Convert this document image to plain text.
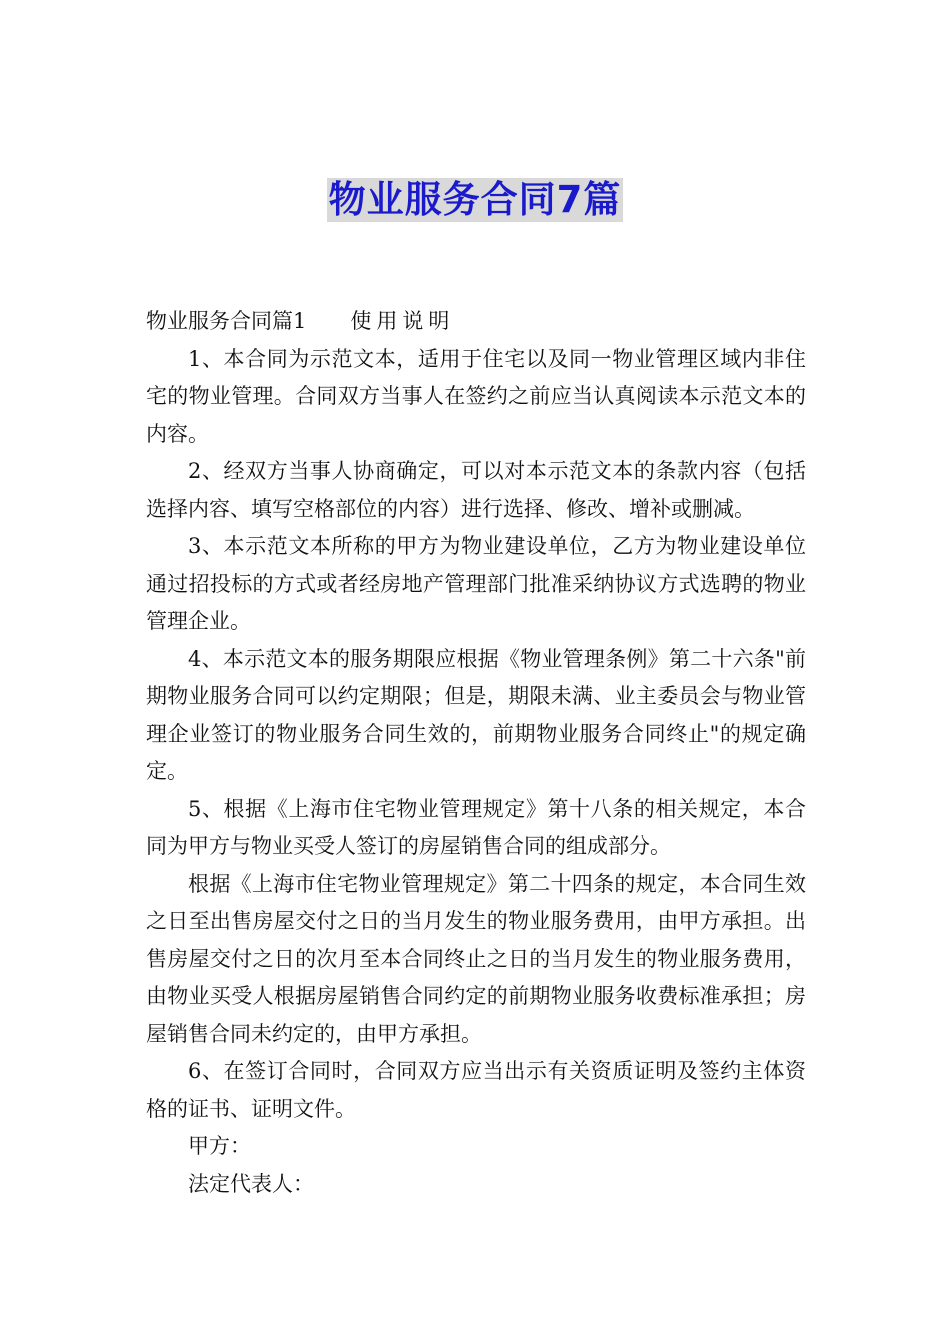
物业服务合同7篇
物业服务合同篇1 使用说明

1、本合同为示范文本，适用于住宅以及同一物业管理区域内非住宅的物业管理。合同双方当事人在签约之前应当认真阅读本示范文本的内容。

2、经双方当事人协商确定，可以对本示范文本的条款内容（包括选择内容、填写空格部位的内容）进行选择、修改、增补或删减。

3、本示范文本所称的甲方为物业建设单位，乙方为物业建设单位通过招投标的方式或者经房地产管理部门批准采纳协议方式选聘的物业管理企业。

4、本示范文本的服务期限应根据《物业管理条例》第二十六条"前期物业服务合同可以约定期限；但是，期限未满、业主委员会与物业管理企业签订的物业服务合同生效的，前期物业服务合同终止"的规定确定。

5、根据《上海市住宅物业管理规定》第十八条的相关规定，本合同为甲方与物业买受人签订的房屋销售合同的组成部分。

根据《上海市住宅物业管理规定》第二十四条的规定，本合同生效之日至出售房屋交付之日的当月发生的物业服务费用，由甲方承担。出售房屋交付之日的次月至本合同终止之日的当月发生的物业服务费用，由物业买受人根据房屋销售合同约定的前期物业服务收费标准承担；房屋销售合同未约定的，由甲方承担。

6、在签订合同时，合同双方应当出示有关资质证明及签约主体资格的证书、证明文件。

甲方：

法定代表人：
